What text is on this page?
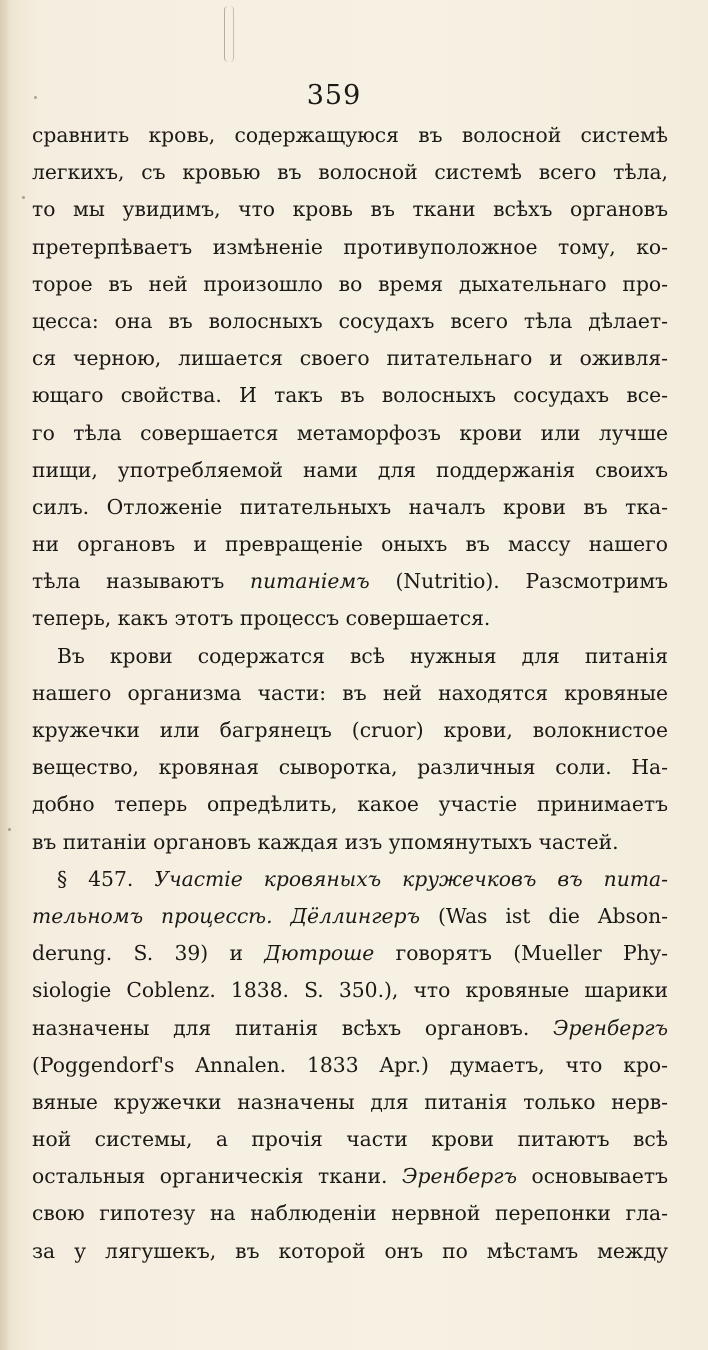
359
сравнить кровь, содержащуюся въ волосной системѣ
легкихъ, съ кровью въ волосной системѣ всего тѣла,
то мы увидимъ, что кровь въ ткани всѣхъ органовъ
претерпѣваетъ измѣненіе противуположное тому, ко-
торое въ ней произошло во время дыхательнаго про-
цесса: она въ волосныхъ сосудахъ всего тѣла дѣлает-
ся черною, лишается своего питательнаго и оживля-
ющаго свойства. И такъ въ волосныхъ сосудахъ все-
го тѣла совершается метаморфозъ крови или лучше
пищи, употребляемой нами для поддержанія своихъ
силъ. Отложеніе питательныхъ началъ крови въ тка-
ни органовъ и превращеніе оныхъ въ массу нашего
тѣла называютъ питаніемъ (Nutritio). Разсмотримъ
теперь, какъ этотъ процессъ совершается.
Въ крови содержатся всѣ нужныя для питанія
нашего организма части: въ ней находятся кровяные
кружечки или багрянецъ (cruor) крови, волокнистое
вещество, кровяная сыворотка, различныя соли. На-
добно теперь опредѣлить, какое участіе принимаетъ
въ питаніи органовъ каждая изъ упомянутыхъ частей.
§ 457. Участіе кровяныхъ кружечковъ въ пита-
тельномъ процессѣ. Дёллингеръ (Was ist die Abson-
derung. S. 39) и Дютроше говорятъ (Mueller Phy-
siologie Coblenz. 1838. S. 350.), что кровяные шарики
назначены для питанія всѣхъ органовъ. Эренбергъ
(Poggendorf's Annalen. 1833 Apr.) думаетъ, что кро-
вяные кружечки назначены для питанія только нерв-
ной системы, а прочія части крови питаютъ всѣ
остальныя органическія ткани. Эренбергъ основываетъ
свою гипотезу на наблюденіи нервной перепонки гла-
за у лягушекъ, въ которой онъ по мѣстамъ между
